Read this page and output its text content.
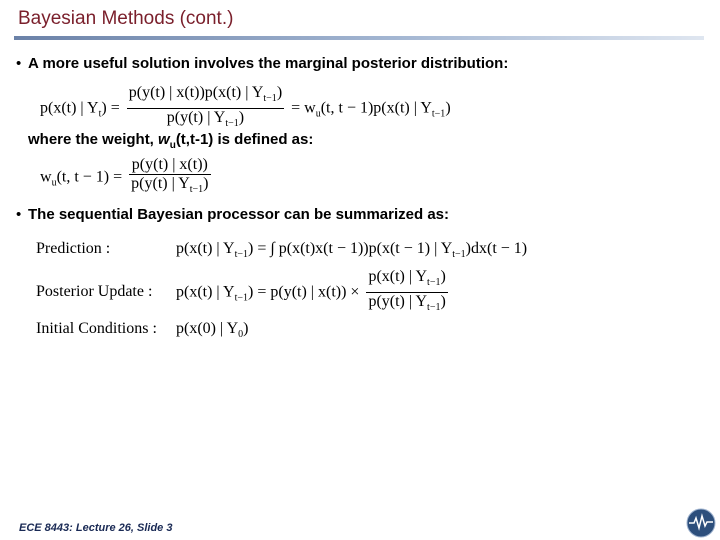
Bayesian Methods (cont.)
• A more useful solution involves the marginal posterior distribution:
p(x(t) | $Y_t) = \frac{p(y(t) | x(t))p(x(t) | Y_{t-1})}{p(y(t) | Y_{t-1})} = w_u(t$, t − 1)p(x(t) | $Y_{t-1}$)
where the weight, $w_u(t,t-1)$ is defined as:
$w_u(t$, $t - 1) = \frac{p(y(t) | x(t))}{p(y(t) | Y_{t-1})}$
• The sequential Bayesian processor can be summarized as:
Prediction :	p(x(t) | $Y_{t-1}$) = ∫ p(x(t)x(t − 1))p(x(t − 1) | $Y_{t-1})dx(t - 1)$
Posterior Update : p(x(t) | $Y_{t-1}) = p(y(t)$ | $x(t)) \times \frac{p(x(t) | Y_{t-1})}{p(y(t) | Y_{t-1})}$
Initial Conditions : p(x(0) | $Y_0$)
ECE 8443: Lecture 26, Slide 3
